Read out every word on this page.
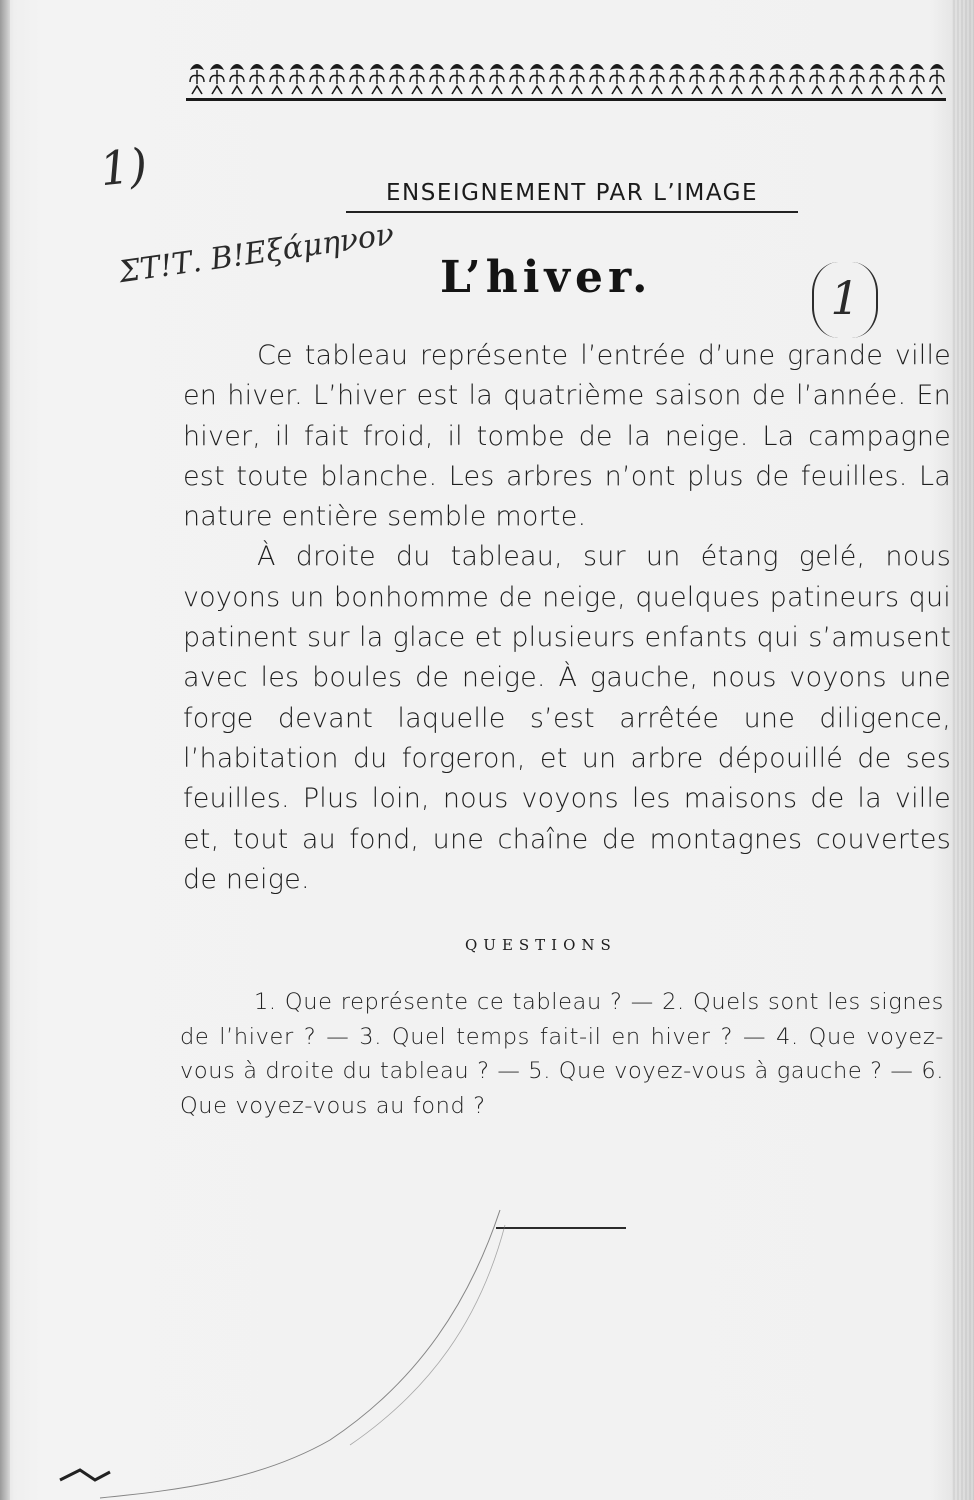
1)
ΣΤ!Τ. Β!Εξάμηνον
1
ENSEIGNEMENT PAR L’IMAGE
L’hiver.

Ce tableau représente l’entrée d’une grande ville en hiver. L’hiver est la quatrième saison de l’année. En hiver, il fait froid, il tombe de la neige. La campagne est toute blanche. Les arbres n’ont plus de feuilles. La nature entière semble morte.

À droite du tableau, sur un étang gelé, nous voyons un bonhomme de neige, quelques patineurs qui patinent sur la glace et plusieurs enfants qui s’amusent avec les boules de neige. À gauche, nous voyons une forge devant laquelle s’est arrêtée une diligence, l’habitation du forgeron, et un arbre dépouillé de ses feuilles. Plus loin, nous voyons les maisons de la ville et, tout au fond, une chaîne de montagnes couvertes de neige.

QUESTIONS
1. Que représente ce tableau ? — 2. Quels sont les signes de l’hiver ? — 3. Quel temps fait-il en hiver ? — 4. Que voyez-vous à droite du tableau ? — 5. Que voyez-vous à gauche ? — 6. Que voyez-vous au fond ?
